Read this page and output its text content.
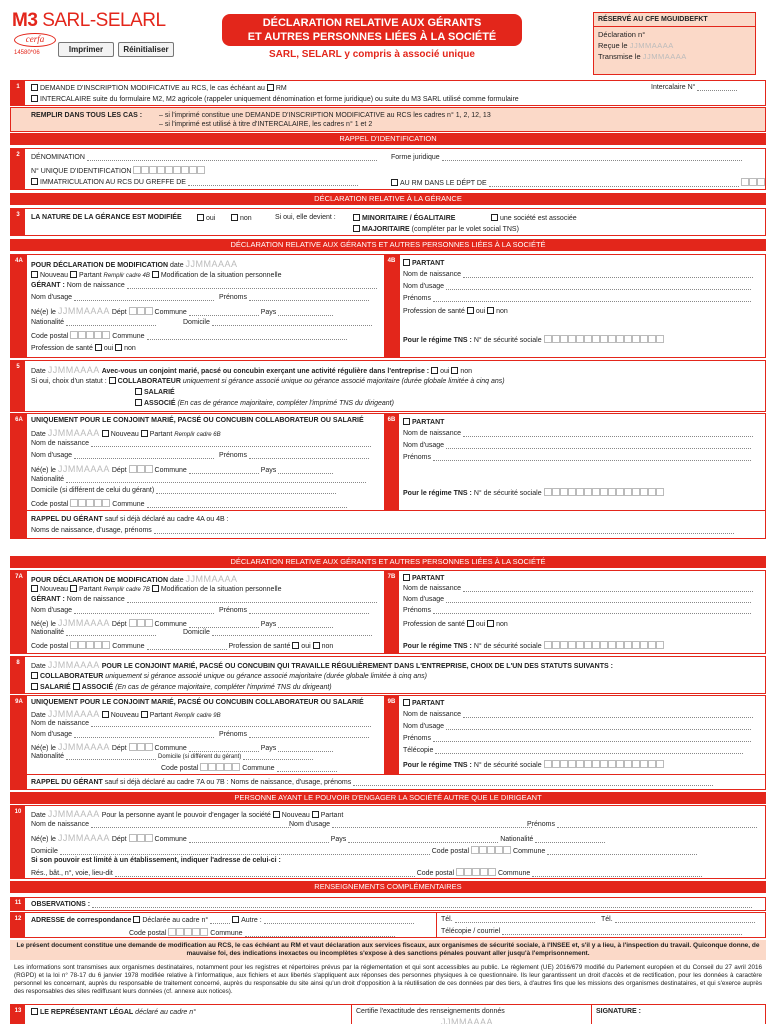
M3 SARL-SELARL
cerfa
14580*06	Imprimer	Réinitialiser
DÉCLARATION RELATIVE AUX GÉRANTS
ET AUTRES PERSONNES LIÉES À LA SOCIÉTÉ
SARL, SELARL y compris à associé unique
RÉSERVÉ AU CFE MGUIDBEFKT
Déclaration n°
Reçue le JJMMAAAA
Transmise le JJMMAAAA
1	DEMANDE D'INSCRIPTION MODIFICATIVE au RCS, le cas échéant au RM
INTERCALAIRE suite du formulaire M2, M2 agricole (rappeler uniquement dénomination et forme juridique) ou suite du M3 SARL utilisé comme formulaire
Intercalaire N°
REMPLIR DANS TOUS LES CAS : – si l'imprimé constitue une DEMANDE D'INSCRIPTION MODIFICATIVE au RCS les cadres n° 1, 2, 12, 13
– si l'imprimé est utilisé à titre d'INTERCALAIRE, les cadres n° 1 et 2
RAPPEL D'IDENTIFICATION
2	DÉNOMINATION	Forme juridique
N° UNIQUE D'IDENTIFICATION
IMMATRICULATION AU RCS DU GREFFE DE	AU RM DANS LE DÉPT DE
DÉCLARATION RELATIVE À LA GÉRANCE
3	LA NATURE DE LA GÉRANCE EST MODIFIÉE	oui	non	Si oui, elle devient :	MINORITAIRE / ÉGALITAIRE	une société est associée
MAJORITAIRE (compléter par le volet social TNS)
DÉCLARATION RELATIVE AUX GÉRANTS ET AUTRES PERSONNES LIÉES À LA SOCIÉTÉ
4A	4B
POUR DÉCLARATION DE MODIFICATION date JJMMAAAA
Nouveau Partant Remplir cadre 4B Modification de la situation personnelle
GÉRANT : Nom de naissance
Nom d'usage	Prénoms
Né(e) le JJMMAAAA Dépt	Commune	Pays
Nationalité	Domicile
Code postal	Commune
Profession de santé oui non
PARTANT
Nom de naissance
Nom d'usage
Prénoms
Profession de santé oui non
Pour le régime TNS : N° de sécurité sociale
5
Date JJMMAAAA Avec-vous un conjoint marié, pacsé ou concubin exerçant une activité régulière dans l'entreprise : oui non
Si oui, choix d'un statut : COLLABORATEUR uniquement si gérance associé unique ou gérance associé majoritaire (durée globale limitée à cinq ans)
SALARIÉ
ASSOCIÉ (En cas de gérance majoritaire, compléter l'imprimé TNS du dirigeant)
6A	6B
UNIQUEMENT POUR LE CONJOINT MARIÉ, PACSÉ OU CONCUBIN COLLABORATEUR OU SALARIÉ
Date JJMMAAAA Nouveau Partant Remplir cadre 6B
Nom de naissance
Nom d'usage	Prénoms
Né(e) le JJMMAAAA Dépt	Commune	Pays
Nationalité
Domicile (si différent de celui du gérant)
Code postal	Commune
RAPPEL DU GÉRANT sauf si déjà déclaré au cadre 4A ou 4B :
Noms de naissance, d'usage, prénoms
PARTANT
Nom de naissance
Nom d'usage
Prénoms
Pour le régime TNS : N° de sécurité sociale
DÉCLARATION RELATIVE AUX GÉRANTS ET AUTRES PERSONNES LIÉES À LA SOCIÉTÉ
7A	7B
POUR DÉCLARATION DE MODIFICATION date JJMMAAAA
Nouveau Partant Remplir cadre 7B Modification de la situation personnelle
GÉRANT : Nom de naissance
Nom d'usage	Prénoms
Né(e) le JJMMAAAA Dépt	Commune	Pays
Nationalité	Domicile
Code postal	Commune	Profession de santé oui non
PARTANT
Nom de naissance
Nom d'usage
Prénoms
Profession de santé oui non
Pour le régime TNS : N° de sécurité sociale
8	Date JJMMAAAA POUR LE CONJOINT MARIÉ, PACSÉ OU CONCUBIN QUI TRAVAILLE RÉGULIÈREMENT DANS L'ENTREPRISE, CHOIX DE L'UN DES STATUTS SUIVANTS :
COLLABORATEUR uniquement si gérance associé unique ou gérance associé majoritaire (durée globale limitée à cinq ans)
SALARIÉ ASSOCIÉ (En cas de gérance majoritaire, compléter l'imprimé TNS du dirigeant)
9A	9B
UNIQUEMENT POUR LE CONJOINT MARIÉ, PACSÉ OU CONCUBIN COLLABORATEUR OU SALARIÉ
Date JJMMAAAA Nouveau Partant Remplir cadre 9B
Nom de naissance
Nom d'usage	Prénoms
Né(e) le JJMMAAAA Dépt	Commune	Pays
Nationalité	Domicile (si différent du gérant)
Code postal	Commune
RAPPEL DU GÉRANT sauf si déjà déclaré au cadre 7A ou 7B : Noms de naissance, d'usage, prénoms
PARTANT
Nom de naissance
Nom d'usage
Prénoms
Télécopie
Pour le régime TNS : N° de sécurité sociale
PERSONNE AYANT LE POUVOIR D'ENGAGER LA SOCIÉTÉ AUTRE QUE LE DIRIGEANT
10	Date JJMMAAAA Pour la personne ayant le pouvoir d'engager la société Nouveau Partant
Nom de naissance	Nom d'usage	Prénoms
Né(e) le JJMMAAAA Dépt	Commune	Pays	Nationalité
Domicile	Code postal	Commune
Si son pouvoir est limité à un établissement, indiquer l'adresse de celui-ci :
Rés., bât., n°, voie, lieu-dit	Code postal	Commune
RENSEIGNEMENTS COMPLÉMENTAIRES
11	OBSERVATIONS :
12	ADRESSE de correspondance Déclarée au cadre n°	Autre :
Code postal	Commune
Tél.	Tél.
Télécopie / courriel
Le présent document constitue une demande de modification au RCS, le cas échéant au RM et vaut déclaration aux services fiscaux, aux organismes de sécurité sociale, à l'INSEE et, s'il y a lieu, à l'inspection du travail. Quiconque donne, de mauvaise foi, des indications inexactes ou incomplètes s'expose à des sanctions pénales pouvant aller jusqu'à l'emprisonnement.
Les informations sont transmises aux organismes destinataires, notamment pour les registres et répertoires prévus par la réglementation et qui sont accessibles au public. Le règlement (UE) 2016/679 modifié du Parlement européen et du Conseil du 27 avril 2016 (RGPD) et la loi n° 78-17 du 6 janvier 1978 modifiée relative à l'informatique, aux fichiers et aux libertés s'appliquent aux réponses des personnes physiques à ce questionnaire. Ils leur garantissent un droit d'accès et de rectification, pour les données à caractère personnel les concernant, auprès du responsable de traitement concerné, auprès du responsable du site ainsi qu'un droit d'opposition à la réutilisation de ces données par des tiers, à d'autres fins que les missions des organismes destinataires, et qui s'exerce auprès des responsables des sites rediffusant leurs données (cf. annexe aux notices).
13	LE REPRÉSENTANT LÉGAL déclaré au cadre n°	Certifie l'exactitude des renseignements donnés
JJMMAAAA
SIGNATURE :
